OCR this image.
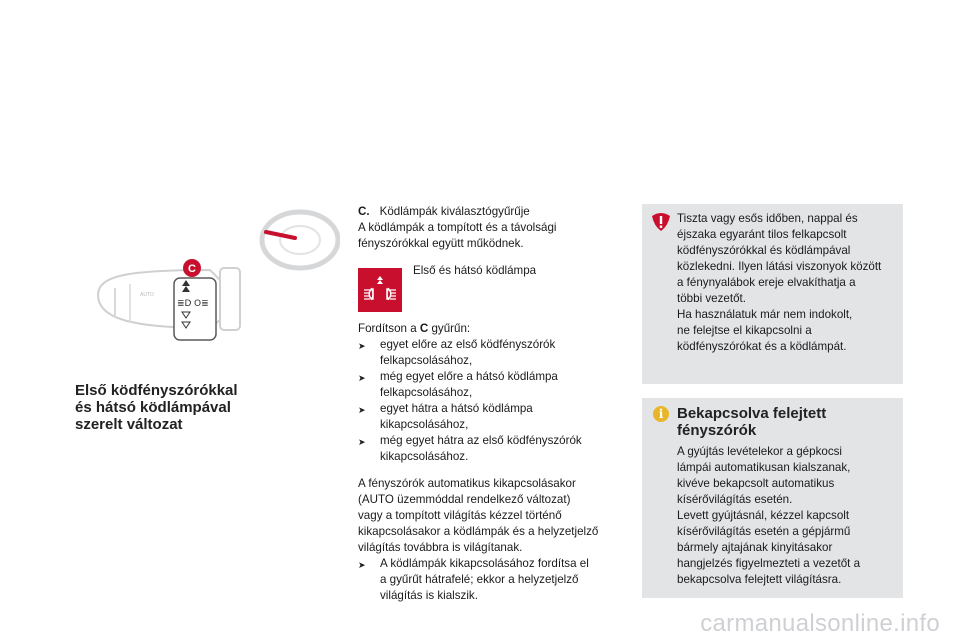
AUTO
≣D O≣
C
Első ködfényszórókkal
és hátsó ködlámpával
szerelt változat
C. Ködlámpák kiválasztógyűrűje
A ködlámpák a tompított és a távolsági
fényszórókkal együtt működnek.
Első és hátsó ködlámpa
Fordítson a C gyűrűn:
➤	egyet előre az első ködfényszórók
felkapcsolásához,
➤	még egyet előre a hátsó ködlámpa
felkapcsolásához,
➤	egyet hátra a hátsó ködlámpa
kikapcsolásához,
➤	még egyet hátra az első ködfényszórók
kikapcsolásához.
A fényszórók automatikus kikapcsolásakor
(AUTO üzemmóddal rendelkező változat)
vagy a tompított világítás kézzel történő
kikapcsolásakor a ködlámpák és a helyzetjelző
világítás továbbra is világítanak.
➤	A ködlámpák kikapcsolásához fordítsa el
a gyűrűt hátrafelé; ekkor a helyzetjelző
világítás is kialszik.
Tiszta vagy esős időben, nappal és
éjszaka egyaránt tilos felkapcsolt
ködfényszórókkal és ködlámpával
közlekedni. Ilyen látási viszonyok között
a fénynyalábok ereje elvakíthatja a
többi vezetőt.
Ha használatuk már nem indokolt,
ne felejtse el kikapcsolni a
ködfényszórókat és a ködlámpát.
i Bekapcsolva felejtett
fényszórók
A gyújtás levételekor a gépkocsi
lámpái automatikusan kialszanak,
kivéve bekapcsolt automatikus
kísérővilágítás esetén.
Levett gyújtásnál, kézzel kapcsolt
kísérővilágítás esetén a gépjármű
bármely ajtajának kinyitásakor
hangjelzés figyelmezteti a vezetőt a
bekapcsolva felejtett világításra.
carmanualsonline.info
